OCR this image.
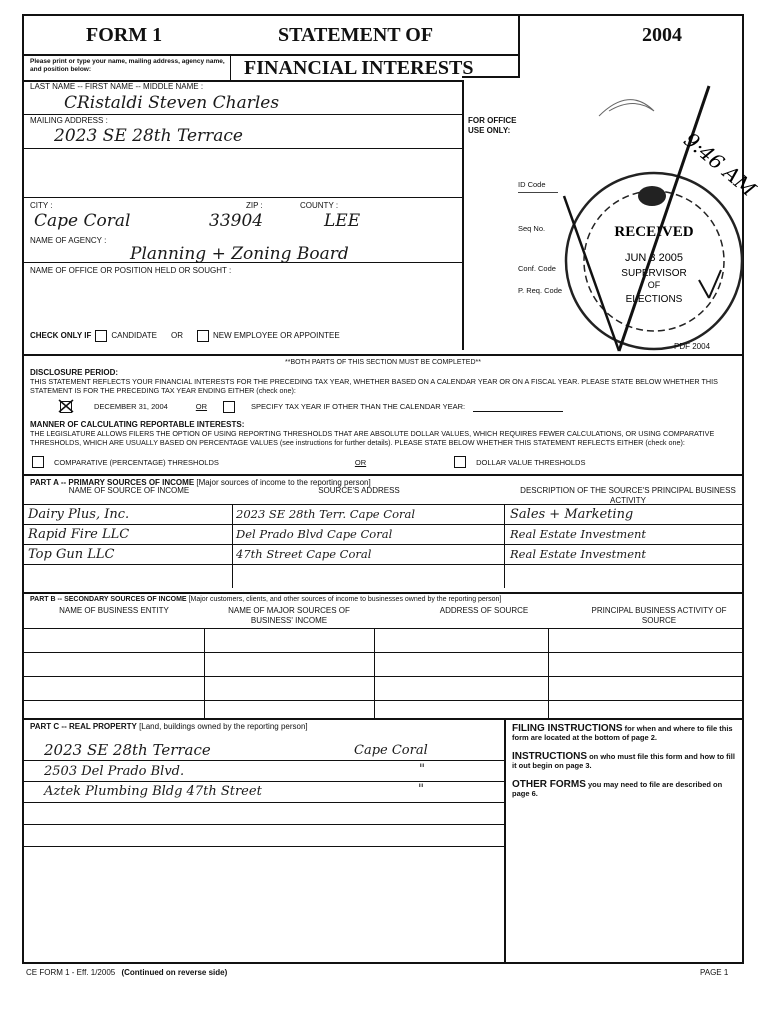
FORM 1	STATEMENT OF	2004
Please print or type your name, mailing address, agency name, and position below:	FINANCIAL INTERESTS
LAST NAME -- FIRST NAME -- MIDDLE NAME :
CRistaldi Steven Charles
MAILING ADDRESS :
2023 SE 28th Terrace
CITY :	ZIP :	COUNTY :
Cape Coral	33904	LEE
NAME OF AGENCY :
Planning + Zoning Board
NAME OF OFFICE OR POSITION HELD OR SOUGHT :
CHECK ONLY IF	CANDIDATE OR	NEW EMPLOYEE OR APPOINTEE
FOR OFFICE USE ONLY:
ID Code
Seq No.
Conf. Code
P. Req. Code
RECEIVED
JUN 3 2005
SUPERVISOR
OF
ELECTIONS
9:46 AM
PDF 2004
**BOTH PARTS OF THIS SECTION MUST BE COMPLETED**
DISCLOSURE PERIOD:
THIS STATEMENT REFLECTS YOUR FINANCIAL INTERESTS FOR THE PRECEDING TAX YEAR, WHETHER BASED ON A CALENDAR YEAR OR ON A FISCAL YEAR. PLEASE STATE BELOW WHETHER THIS STATEMENT IS FOR THE PRECEDING TAX YEAR ENDING EITHER (check one):
DECEMBER 31, 2004	OR	SPECIFY TAX YEAR IF OTHER THAN THE CALENDAR YEAR:
MANNER OF CALCULATING REPORTABLE INTERESTS:
THE LEGISLATURE ALLOWS FILERS THE OPTION OF USING REPORTING THRESHOLDS THAT ARE ABSOLUTE DOLLAR VALUES, WHICH REQUIRES FEWER CALCULATIONS, OR USING COMPARATIVE THRESHOLDS, WHICH ARE USUALLY BASED ON PERCENTAGE VALUES (see instructions for further details). PLEASE STATE BELOW WHETHER THIS STATEMENT REFLECTS EITHER (check one):
COMPARATIVE (PERCENTAGE) THRESHOLDS	OR	DOLLAR VALUE THRESHOLDS
PART A -- PRIMARY SOURCES OF INCOME [Major sources of income to the reporting person]
NAME OF SOURCE OF INCOME	SOURCE'S ADDRESS	DESCRIPTION OF THE SOURCE'S PRINCIPAL BUSINESS ACTIVITY
Dairy Plus, Inc.	2023 SE 28th Terr. Cape Coral	Sales + Marketing
Rapid Fire LLC	Del Prado Blvd Cape Coral	Real Estate Investment
Top Gun LLC	47th Street Cape Coral	Real Estate Investment
PART B -- SECONDARY SOURCES OF INCOME [Major customers, clients, and other sources of income to businesses owned by the reporting person]
NAME OF BUSINESS ENTITY	NAME OF MAJOR SOURCES OF BUSINESS' INCOME
ADDRESS OF SOURCE	PRINCIPAL BUSINESS ACTIVITY OF SOURCE
PART C -- REAL PROPERTY [Land, buildings owned by the reporting person]
2023 SE 28th Terrace	Cape Coral
2503 Del Prado Blvd.	"
Aztek Plumbing Bldg 47th Street	"
FILING INSTRUCTIONS for when and where to file this form are located at the bottom of page 2.
INSTRUCTIONS on who must file this form and how to fill it out begin on page 3.
OTHER FORMS you may need to file are described on page 6.
CE FORM 1 - Eff. 1/2005 (Continued on reverse side)	PAGE 1
